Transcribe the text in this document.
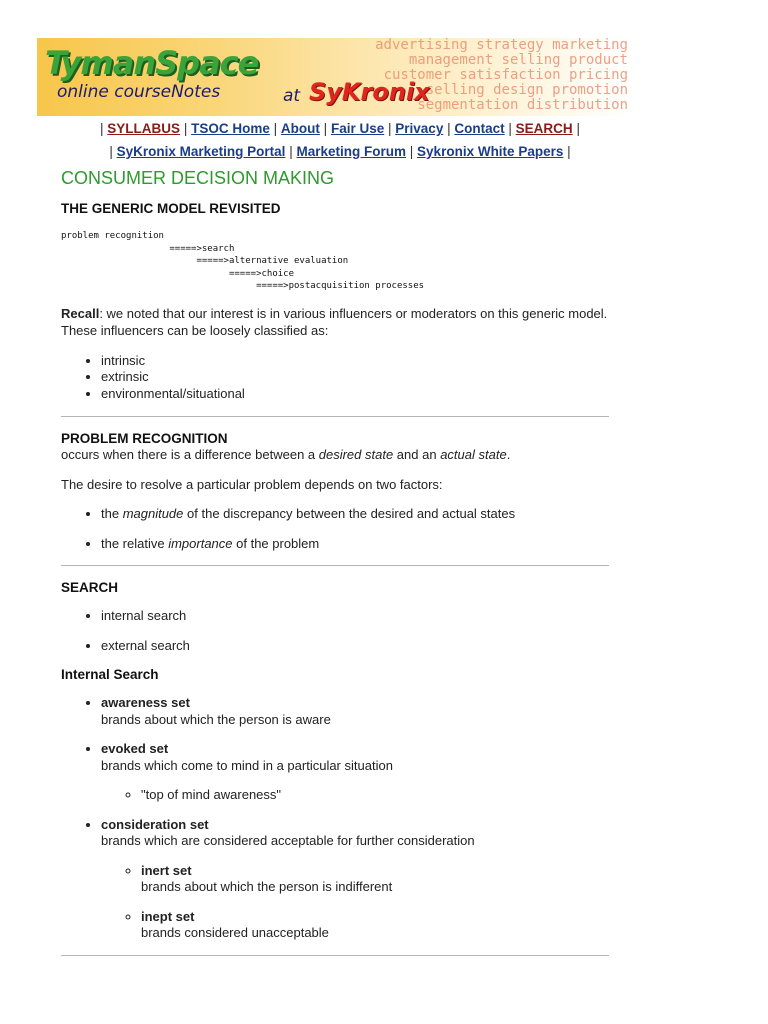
advertising strategy marketing
management selling product
customer satisfaction pricing
selling design promotion
segmentation distribution
TymanSpace
online courseNotes	at SyKronix
| SYLLABUS | TSOC Home | About | Fair Use | Privacy | Contact | SEARCH |
| SyKronix Marketing Portal | Marketing Forum | Sykronix White Papers |
CONSUMER DECISION MAKING
THE GENERIC MODEL REVISITED
problem recognition
=====>search
=====>alternative evaluation
=====>choice
=====>postacquisition processes

Recall: we noted that our interest is in various influencers or moderators on this generic model. These influencers can be loosely classified as:

• intrinsic
• extrinsic
• environmental/situational
PROBLEM RECOGNITION

occurs when there is a difference between a desired state and an actual state.

The desire to resolve a particular problem depends on two factors:

• the magnitude of the discrepancy between the desired and actual states
• the relative importance of the problem
SEARCH
• internal search
• external search
Internal Search
• awareness set
brands about which the person is aware
• evoked set
brands which come to mind in a particular situation
◦ "top of mind awareness"
• consideration set
brands which are considered acceptable for further consideration
◦ inert set
brands about which the person is indifferent
◦ inept set
brands considered unacceptable
